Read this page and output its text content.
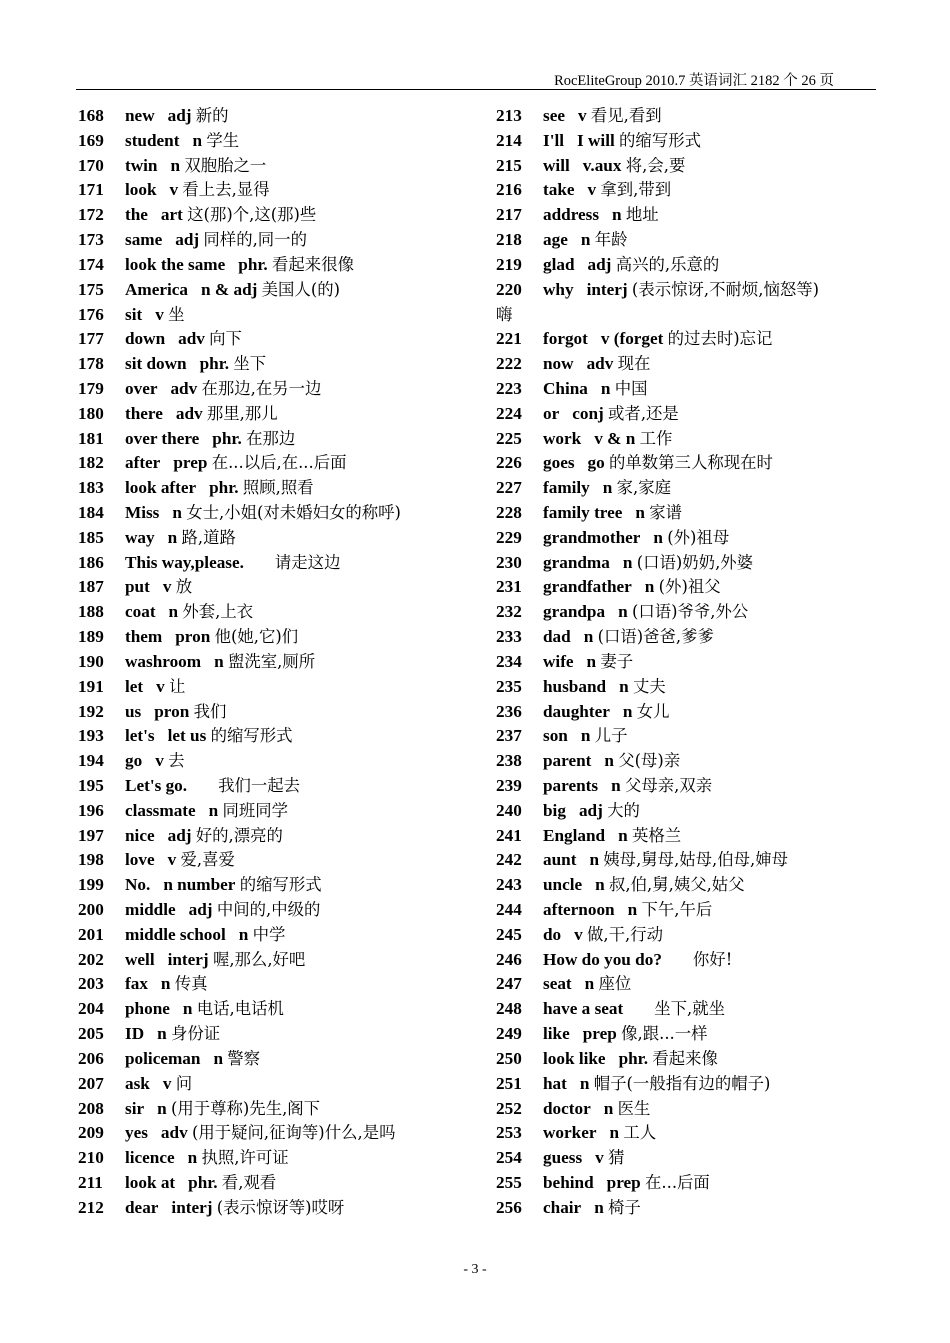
RocEliteGroup 2010.7 英语词汇 2182 个 26 页
168 new adj 新的
169 student n 学生
170 twin n 双胞胎之一
171 look v 看上去,显得
172 the art 这(那)个,这(那)些
173 same adj 同样的,同一的
174 look the same phr. 看起来很像
175 America n & adj 美国人(的)
176 sit v 坐
177 down adv 向下
178 sit down phr. 坐下
179 over adv 在那边,在另一边
180 there adv 那里,那儿
181 over there phr. 在那边
182 after prep 在...以后,在...后面
183 look after phr. 照顾,照看
184 Miss n 女士,小姐(对未婚妇女的称呼)
185 way n 路,道路
186 This way,please. 请走这边
187 put v 放
188 coat n 外套,上衣
189 them pron 他(她,它)们
190 washroom n 盥洗室,厕所
191 let v 让
192 us pron 我们
193 let's let us 的缩写形式
194 go v 去
195 Let's go. 我们一起去
196 classmate n 同班同学
197 nice adj 好的,漂亮的
198 love v 爱,喜爱
199 No. n number 的缩写形式
200 middle adj 中间的,中级的
201 middle school n 中学
202 well interj 喔,那么,好吧
203 fax n 传真
204 phone n 电话,电话机
205 ID n 身份证
206 policeman n 警察
207 ask v 问
208 sir n (用于尊称)先生,阁下
209 yes adv (用于疑问,征询等)什么,是吗
210 licence n 执照,许可证
211 look at phr. 看,观看
212 dear interj (表示惊讶等)哎呀
213 see v 看见,看到
214 I'll I will 的缩写形式
215 will v.aux 将,会,要
216 take v 拿到,带到
217 address n 地址
218 age n 年龄
219 glad adj 高兴的,乐意的
220 why interj (表示惊讶,不耐烦,恼怒等)
嗨
221 forgot v (forget 的过去时)忘记
222 now adv 现在
223 China n 中国
224 or conj 或者,还是
225 work v & n 工作
226 goes go 的单数第三人称现在时
227 family n 家,家庭
228 family tree n 家谱
229 grandmother n (外)祖母
230 grandma n (口语)奶奶,外婆
231 grandfather n (外)祖父
232 grandpa n (口语)爷爷,外公
233 dad n (口语)爸爸,爹爹
234 wife n 妻子
235 husband n 丈夫
236 daughter n 女儿
237 son n 儿子
238 parent n 父(母)亲
239 parents n 父母亲,双亲
240 big adj 大的
241 England n 英格兰
242 aunt n 姨母,舅母,姑母,伯母,婶母
243 uncle n 叔,伯,舅,姨父,姑父
244 afternoon n 下午,午后
245 do v 做,干,行动
246 How do you do? 你好!
247 seat n 座位
248 have a seat 坐下,就坐
249 like prep 像,跟...一样
250 look like phr. 看起来像
251 hat n 帽子(一般指有边的帽子)
252 doctor n 医生
253 worker n 工人
254 guess v 猜
255 behind prep 在...后面
256 chair n 椅子
- 3 -
